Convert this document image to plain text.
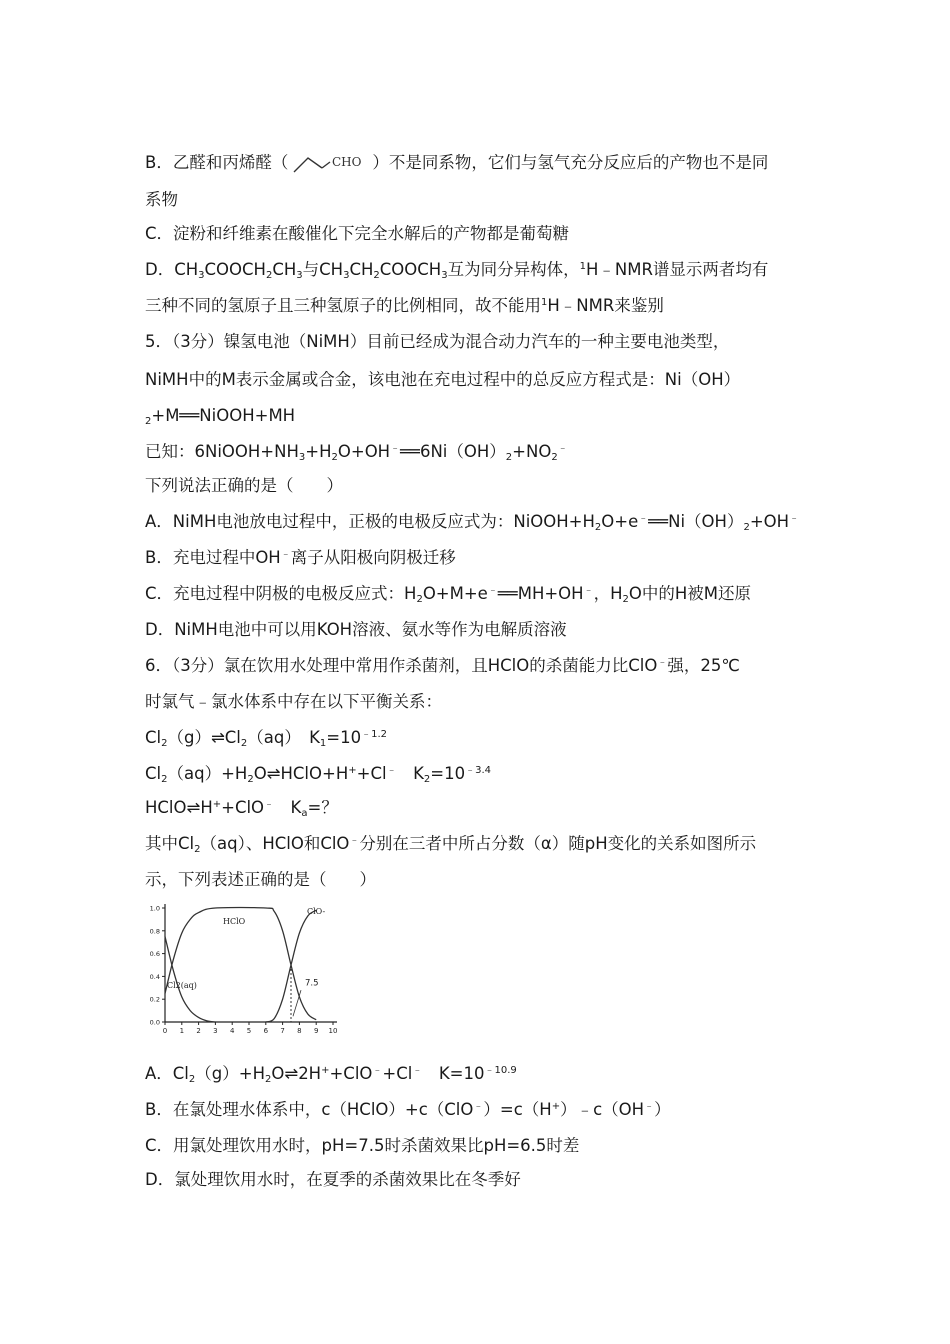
B．乙醛和丙烯醛（	CHO ）不是同系物，它们与氢气充分反应后的产物也不是同
系物
C．淀粉和纤维素在酸催化下完全水解后的产物都是葡萄糖
D．$CH_3COOCH_2CH_3$与$CH_3CH_2COOCH_3$互为同分异构体，$^1$H﹣NMR谱显示两者均有
三种不同的氢原子且三种氢原子的比例相同，故不能用$^1$H﹣NMR来鉴别
5．（3分）镍氢电池（NiMH）目前已经成为混合动力汽车的一种主要电池类型，
NiMH中的M表示金属或合金，该电池在充电过程中的总反应方程式是：Ni（OH）
$_2$+M══NiOOH+MH
已知：$6NiOOH+NH_3+H_2O+OH^﹣══6Ni(OH)_2+NO_2^﹣$
下列说法正确的是（　　）
A．NiMH电池放电过程中，正极的电极反应式为：$NiOOH+H_2O+e^﹣══Ni(OH)_2+OH^﹣$
B．充电过程中OH﹣离子从阳极向阴极迁移
C．充电过程中阴极的电极反应式：$H_2O+M+e^﹣══MH+OH^﹣$，$H_2O$中的H被M还原
D．NiMH电池中可以用KOH溶液、氨水等作为电解质溶液
6．（3分）氯在饮用水处理中常用作杀菌剂，且HClO的杀菌能力比ClO﹣强，25℃
时氯气﹣氯水体系中存在以下平衡关系：
$Cl_2(g)\rightleftharpoons Cl_2(aq)$　$K_1=10^{﹣1.2}$
$Cl_2(aq)+H_2O\rightleftharpoons HClO+H^++Cl^﹣$　$K_2=10^{﹣3.4}$
HClO⇌H++ClO﹣　$K_a=$？
其中$Cl_2(aq)$、HClO和ClO﹣分别在三者中所占分数（α）随pH变化的关系如图所示
示，下列表述正确的是（　　）
0 1 2 3 4 5 6 7 8 9 10
0.0
0.2
0.4
0.6
0.8
1.0
Cl2(aq)
HClO
ClO-
7.5
A．$Cl_2(g)+H_2O\rightleftharpoons 2H^++ClO^﹣+Cl^﹣$　$K=10^{﹣10.9}$
B．在氯处理水体系中，c（HClO）+c（ClO﹣）=c（H+）﹣c（OH﹣）
C．用氯处理饮用水时，pH=7.5时杀菌效果比pH=6.5时差
D．氯处理饮用水时，在夏季的杀菌效果比在冬季好
